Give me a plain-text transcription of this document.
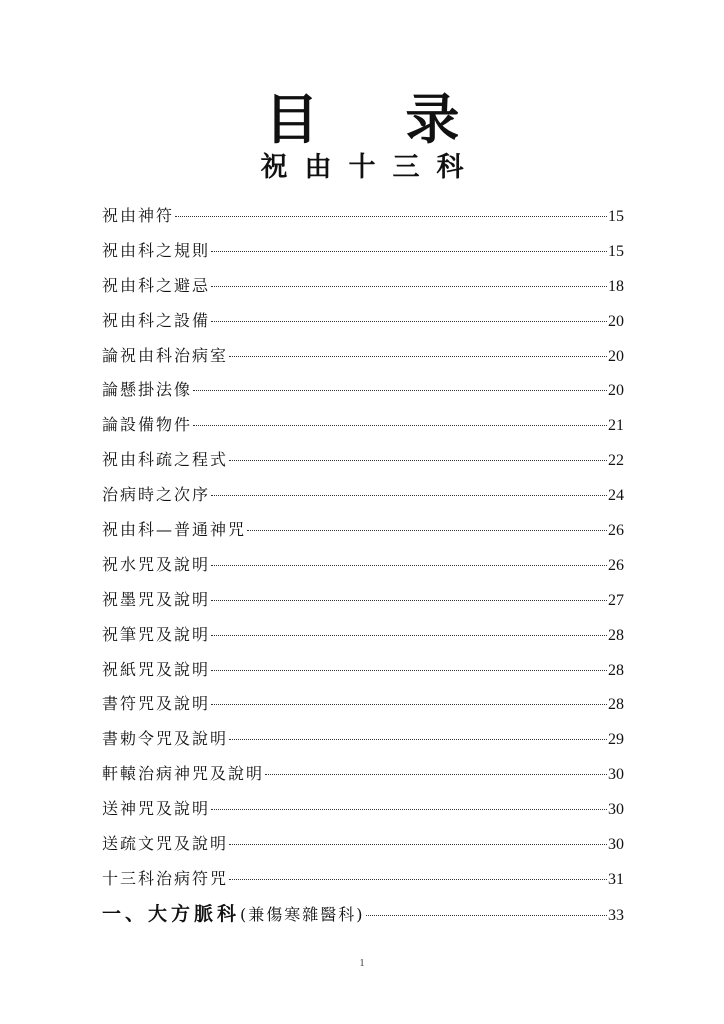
目 录
祝由十三科
祝由神符	15
祝由科之規則	15
祝由科之避忌	18
祝由科之設備	20
論祝由科治病室	20
論懸掛法像	20
論設備物件	21
祝由科疏之程式	22
治病時之次序	24
祝由科—普通神咒	26
祝水咒及說明	26
祝墨咒及說明	27
祝筆咒及說明	28
祝紙咒及說明	28
書符咒及說明	28
書勅令咒及說明	29
軒轅治病神咒及說明	30
送神咒及說明	30
送疏文咒及說明	30
十三科治病符咒	31
一、大方脈科(兼傷寒雜醫科)	33
1
